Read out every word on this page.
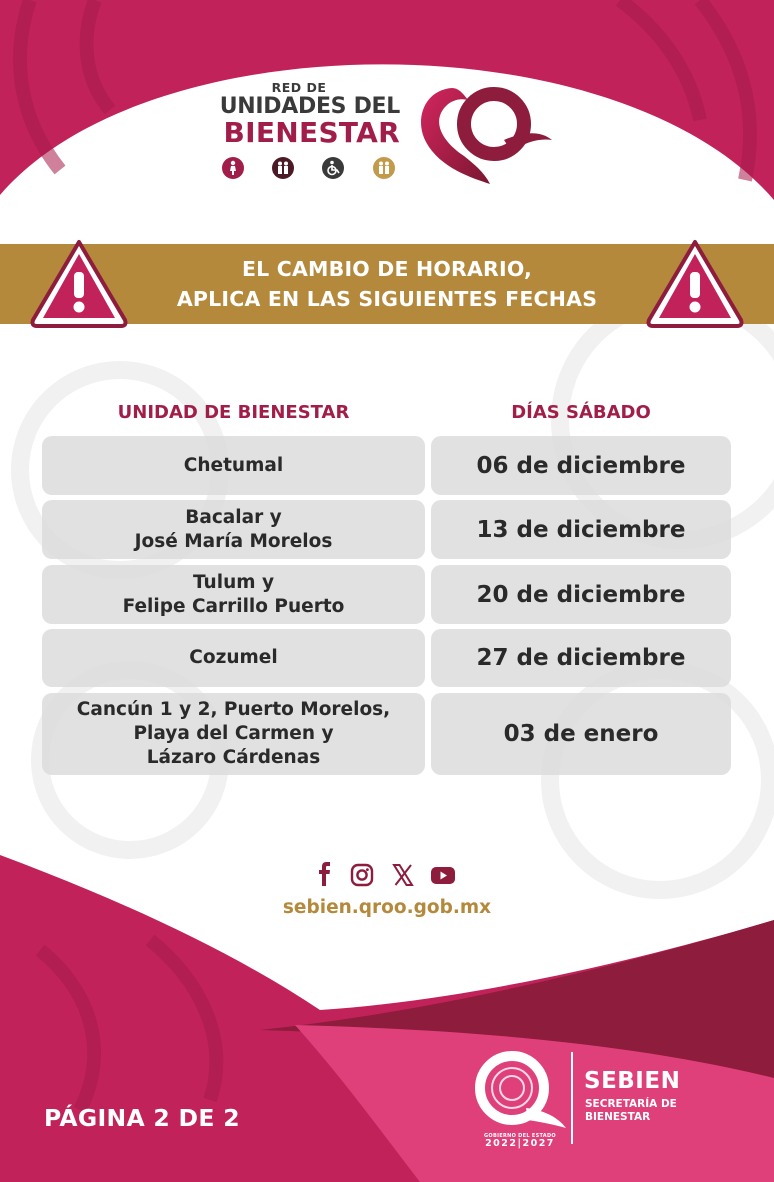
RED DE
UNIDADES DEL
BIENESTAR
EL CAMBIO DE HORARIO,
APLICA EN LAS SIGUIENTES FECHAS
UNIDAD DE BIENESTAR	DÍAS SÁBADO
Chetumal	06 de diciembre
Bacalar y
José María Morelos	13 de diciembre
Tulum y
Felipe Carrillo Puerto	20 de diciembre
Cozumel	27 de diciembre
Cancún 1 y 2, Puerto Morelos,
Playa del Carmen y
Lázaro Cárdenas
03 de enero
sebien.qroo.gob.mx
PÁGINA 2 DE 2
GOBIERNO DEL ESTADO
2022|2027
SEBIEN
SECRETARÍA DE
BIENESTAR
